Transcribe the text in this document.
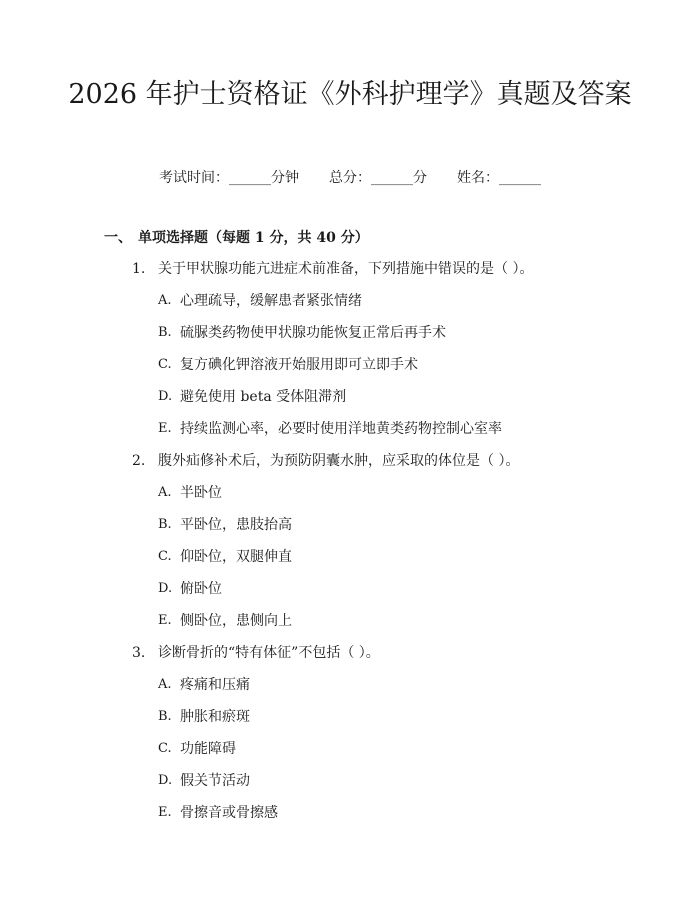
2026 年护士资格证《外科护理学》真题及答案
考试时间：______分钟 总分：______分 姓名：______
一、 单项选择题（每题 1 分，共 40 分）
1. 关于甲状腺功能亢进症术前准备，下列措施中错误的是（ ）。
A. 心理疏导，缓解患者紧张情绪
B. 硫脲类药物使甲状腺功能恢复正常后再手术
C. 复方碘化钾溶液开始服用即可立即手术
D. 避免使用 beta 受体阻滞剂
E. 持续监测心率，必要时使用洋地黄类药物控制心室率
2. 腹外疝修补术后，为预防阴囊水肿，应采取的体位是（ ）。
A. 半卧位
B. 平卧位，患肢抬高
C. 仰卧位，双腿伸直
D. 俯卧位
E. 侧卧位，患侧向上
3. 诊断骨折的“特有体征”不包括（ ）。
A. 疼痛和压痛
B. 肿胀和瘀斑
C. 功能障碍
D. 假关节活动
E. 骨擦音或骨擦感
